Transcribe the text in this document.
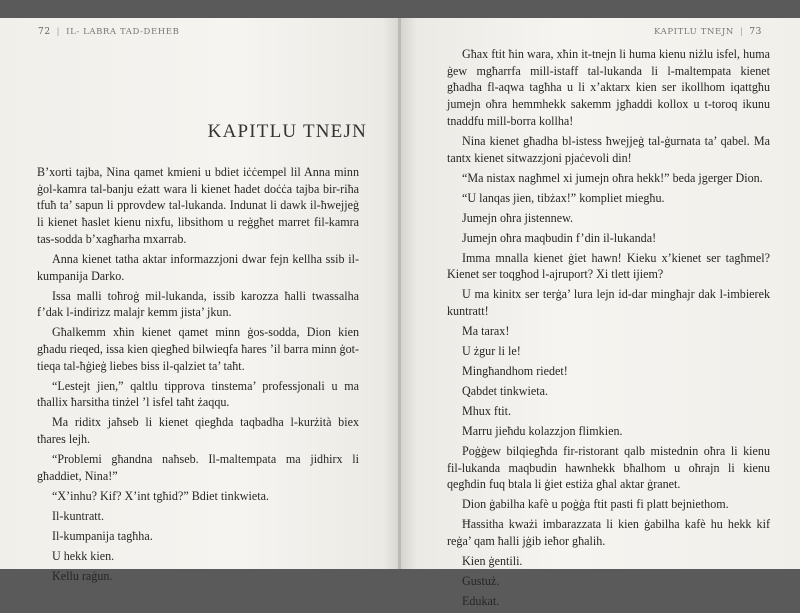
72 | IL- LABRA TAD-DEHEB
KAPITLU TNEJN

B’xorti tajba, Nina qamet kmieni u bdiet iċċempel lil Anna minn ġol-kamra tal-banju eżatt wara li kienet ħadet doċċa tajba bir-riħa tfuħ ta’ sapun li pprovdew tal-lukanda. Indunat li dawk il-ħwejjeġ li kienet ħaslet kienu nixfu, libsithom u reġgħet marret fil-kamra tas-sodda b’xagħarha mxarrab.

Anna kienet tatha aktar informazzjoni dwar fejn kellha ssib il-kumpanija Darko.

Issa malli toħroġ mil-lukanda, issib karozza ħalli twassalha f’dak l-indirizz malajr kemm jista’ jkun.

Għalkemm xħin kienet qamet minn ġos-sodda, Dion kien għadu rieqed, issa kien qiegħed bilwieqfa ħares ’il barra minn ġot-tieqa tal-ħġieġ liebes biss il-qalziet ta’ taħt.

“Lestejt jien,” qaltlu tipprova tinstema’ professjonali u ma tħallix ħarsitha tinżel ’l isfel taħt żaqqu.

Ma riditx jaħseb li kienet qiegħda taqbadha l-kurżità biex tħares lejh.

“Problemi għandna naħseb. Il-maltempata ma jidhirx li għaddiet, Nina!”

“X’inhu? Kif? X’int tgħid?” Bdiet tinkwieta.

Il-kuntratt.

Il-kumpanija tagħha.

U hekk kien.

Kellu raġun.

KAPITLU TNEJN | 73

Għax ftit ħin wara, xħin it-tnejn li huma kienu niżlu isfel, huma ġew mgħarrfa mill-istaff tal-lukanda li l-maltempata kienet għadha fl-aqwa tagħha u li x’aktarx kien ser ikollhom iqattgħu jumejn oħra hemmhekk sakemm jgħaddi kollox u t-toroq ikunu tnaddfu mill-borra kollha!

Nina kienet għadha bl-istess ħwejjeġ tal-ġurnata ta’ qabel. Ma tantx kienet sitwazzjoni pjaċevoli din!

“Ma nistax nagħmel xi jumejn oħra hekk!” beda jgerger Dion.

“U lanqas jien, tibżax!” kompliet miegħu.

Jumejn oħra jistennew.

Jumejn oħra maqbudin f’din il-lukanda!

Imma mnalla kienet ġiet hawn! Kieku x’kienet ser tagħmel? Kienet ser toqgħod l-ajruport? Xi tlett ijiem?

U ma kinitx ser terġa’ lura lejn id-dar mingħajr dak l-imbierek kuntratt!

Ma tarax!

U żgur li le!

Mingħandhom riedet!

Qabdet tinkwieta.

Mhux ftit.

Marru jieħdu kolazzjon flimkien.

Poġġew bilqiegħda fir-ristorant qalb mistednin oħra li kienu fil-lukanda maqbudin hawnhekk bħalhom u oħrajn li kienu qegħdin fuq btala li ġiet estiża għal aktar ġranet.

Dion ġabilha kafè u poġġa ftit pasti fi platt bejniethom.

Ħassitha kważi imbarazzata li kien ġabilha kafè hu hekk kif reġa’ qam ħalli jġib ieħor għalih.

Kien ġentili.

Gustuż.

Edukat.
